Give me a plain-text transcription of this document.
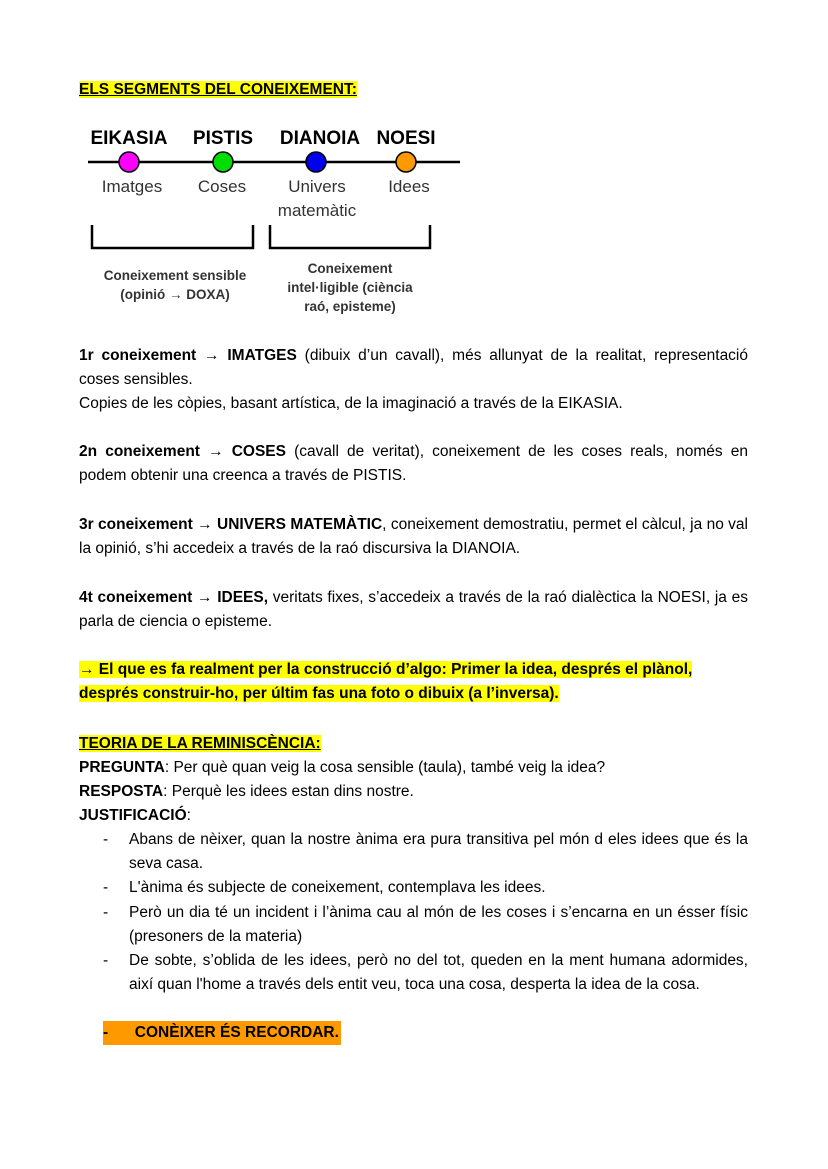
ELS SEGMENTS DEL CONEIXEMENT:
EIKASIA PISTIS DIANOIA NOESI
Imatges Coses Univers
matemàtic
Idees
Coneixement sensible
(opinió → DOXA)
Coneixement
intel·ligible (ciència
raó, episteme)
1r coneixement → IMATGES (dibuix d’un cavall), més allunyat de la realitat, representació coses sensibles.
Copies de les còpies, basant artística, de la imaginació a través de la EIKASIA.
2n coneixement → COSES (cavall de veritat), coneixement de les coses reals, només en podem obtenir una creenca a través de PISTIS.
3r coneixement → UNIVERS MATEMÀTIC, coneixement demostratiu, permet el càlcul, ja no val la opinió, s’hi accedeix a través de la raó discursiva la DIANOIA.
4t coneixement → IDEES, veritats fixes, s’accedeix a través de la raó dialèctica la NOESI, ja es parla de ciencia o episteme.
→ El que es fa realment per la construcció d’algo: Primer la idea, després el plànol,
després construir-ho, per últim fas una foto o dibuix (a l’inversa).
TEORIA DE LA REMINISCÈNCIA:
PREGUNTA: Per què quan veig la cosa sensible (taula), també veig la idea?
RESPOSTA: Perquè les idees estan dins nostre.
JUSTIFICACIÓ:
- Abans de nèixer, quan la nostre ànima era pura transitiva pel món d eles idees que és la seva casa.
- L'ànima és subjecte de coneixement, contemplava les idees.
- Però un dia té un incident i l’ànima cau al món de les coses i s’encarna en un ésser físic (presoners de la materia)
- De sobte, s’oblida de les idees, però no del tot, queden en la ment humana adormides, així quan l'home a través dels entit veu, toca una cosa, desperta la idea de la cosa.
- CONÈIXER ÉS RECORDAR.
